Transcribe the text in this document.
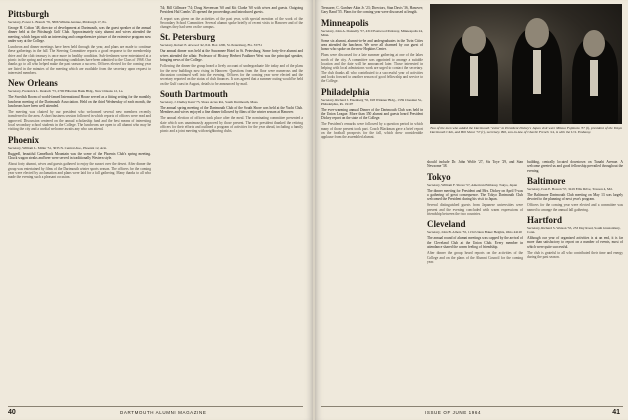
Pittsburgh
Secretary, Forest L. Branch '76, 5806 Wilkins Avenue, Pittsburgh 17, Pa.

George H. Colton '48, director of development at Dartmouth, was the guest speaker at the annual dinner held at the Pittsburgh Golf Club. Approximately sixty alumni and wives attended the meeting, which began with an interesting and comprehensive picture of the extensive program now under way at the College.

Luncheon and dinner meetings have been held through the year, and plans are made to continue these gatherings in the fall. The Steering Committee reports a good response to the membership drive and the club treasury is once more in healthy condition. Sub-freshmen were entertained at a picnic in the spring and several promising candidates have been admitted to the Class of 1968. Our thanks go to all who helped make the past season a success. Officers elected for the coming year are listed in the minutes of the meeting which are available from the secretary upon request to interested members.

New Orleans
Secretary, Frederick L. Deutsch '73, 2700 Hibernia Bank Bldg., New Orleans 12, La.

The Swedish Room of world-famed International House served as a fitting setting for the monthly luncheon meeting of the Dartmouth Association. Held on the third Wednesday of each month, the luncheons have been well attended.

The meeting was chaired by our president who welcomed several new members recently transferred to the area. A short business session followed in which reports of officers were read and approved. Discussion centered on the annual scholarship fund and the best means of interesting local secondary school students in the College. The luncheons are open to all alumni who may be visiting the city and a cordial welcome awaits any who can attend.

Phoenix
Secretary, William L. Miller '51, 3035 N. Central Ave., Phoenix 12, Ariz.

Ruggedl, beautiful Camelback Mountain was the scene of the Phoenix Club's spring meeting. Chuck wagon steaks and beer were served in traditionally Western style.

About forty alumni, wives and guests gathered to enjoy the sunset over the desert. After dinner the group was entertained by films of the Dartmouth winter sports season. The officers for the coming year were elected by acclamation and plans were laid for a fall gathering. Many thanks to all who made the evening such a pleasant occasion.

'54; Bill Gillmore '74; Doug Stevenson '60 and Kit Clarke '60 with wives and guests. Outgoing President Hal Combs '45 opened the proceedings and introduced guests.

A report was given on the activities of the past year, with special mention of the work of the Secondary School Committee. Several alumni spoke briefly of recent visits to Hanover and of the changes they had seen on the campus.

St. Petersburg
Secretary, Robert E. Atwood '42, P.O. Box 1200, St. Petersburg, Fla. 33731

Our annual dinner was held at the Suwannee Hotel in St. Petersburg. Some forty-five alumni and wives attended the affair. Professor of History Herbert Faulkner West was the principal speaker, bringing news of the College.

Following the dinner the group heard a lively account of undergraduate life today and of the plans for the new buildings now rising in Hanover. Questions from the floor were numerous and the discussion continued well into the evening. Officers for the coming year were elected and the secretary reported on the status of club finances. It was agreed that a summer outing would be held on the Gulf coast in August, details to be announced by mail.

South Dartmouth
Secretary, J. Dudley Kent '75, Shore Acres Rd., South Dartmouth, Mass.

The annual spring meeting of the Dartmouth Club of the South Shore was held at the Yacht Club. Members and wives enjoyed a fine dinner followed by films of the winter season at Hanover.

The annual election of officers took place after the meal. The nominating committee presented a slate which was unanimously approved by those present. The new president thanked the retiring officers for their efforts and outlined a program of activities for the year ahead, including a family picnic and a joint meeting with neighboring clubs.

40	DARTMOUTH ALUMNI MAGAZINE

Treasurer, C. Gardner Akin Jr. '23; Directors, Stan Davis '36, Hanover; Gary Rand '55. Plans for the coming year were discussed at length.

Minneapolis
Secretary, John A. Donnelly '57, 4310 Eastwood Parkway, Minneapolis 24, Minn.

Some six alumni, alumni-to-be and undergraduates in the Twin Cities area attended the luncheon. We were all charmed by our guest of honor who spoke on the new Hopkins Center.

Plans were discussed for a late summer gathering at one of the lakes north of the city. A committee was appointed to arrange a suitable location and the date will be announced later. Those interested in helping with local admissions work are urged to contact the secretary. The club thanks all who contributed to a successful year of activities and looks forward to another season of good fellowship and service to the College.

Philadelphia
Secretary, Richard J. Eisenberg '55, 918 Widener Bldg., 1339 Chestnut St., Philadelphia, Pa. 19107

The ever-warming annual Dinner of the Dartmouth Club was held in the Union League. More than 350 alumni and guests heard President Dickey report on the state of the College.

The President's remarks were followed by a question period in which many of those present took part. Coach Blackman gave a brief report on the football prospects for the fall, which drew considerable applause from the assembled alumni.

should include Dr. John Wolfe '27, Sis Toye '29, and Stan Newsome '38.

Tokyo
Secretary, William F. Shove '57, American Embassy, Tokyo, Japan

The dinner meeting for President and Mrs. Dickey on April 9 was a gathering of great consequence. The Tokyo Dartmouth Club welcomed the President during his visit to Japan.

Several distinguished guests from Japanese universities were present and the evening concluded with warm expressions of friendship between the two countries.

Cleveland
Secretary, John B. Albers '55, 1134 Union Baker Heights, Ohio 44120

The annual round of alumni meetings was capped by the arrival of the Cleveland Club at the Union Club. Every member in attendance shared the warm feeling of friendship.

After dinner the group heard reports on the activities of the College and on the plans of the Alumni Council for the coming year.

building, centrally located downtown on Tunabi Avenue. A welcome greeted us and good fellowship prevailed throughout the evening.

Baltimore
Secretary, Ivan E. Bowen '57, 3419 Ellis Drive, Towson 4, Md.

The Baltimore Dartmouth Club meeting on May 13 was largely devoted to the planning of next year's program.

Officers for the coming year were elected and a committee was named to arrange the annual fall gathering.

Hartford
Secretary, Richard S. Watson '55, 253 Day Road, South Glastonbury, Conn.

Although our year of organized activities is at an end, it is far more than satisfactory to report on a number of events, most of which were quite successful.

The club is grateful to all who contributed their time and energy during the past season.

Two of the men who added the Dartmouth "extra" to President Dickey's Japan visit were Mitsuo Fujimoto '37 (l), president of the Tokyo Dartmouth Club, and Bill Shove '57 (r), secretary. Bill, son-in-law of Charlie French '24, is with the U.S. Embassy.
ISSUE OF JUNE 1964	41
